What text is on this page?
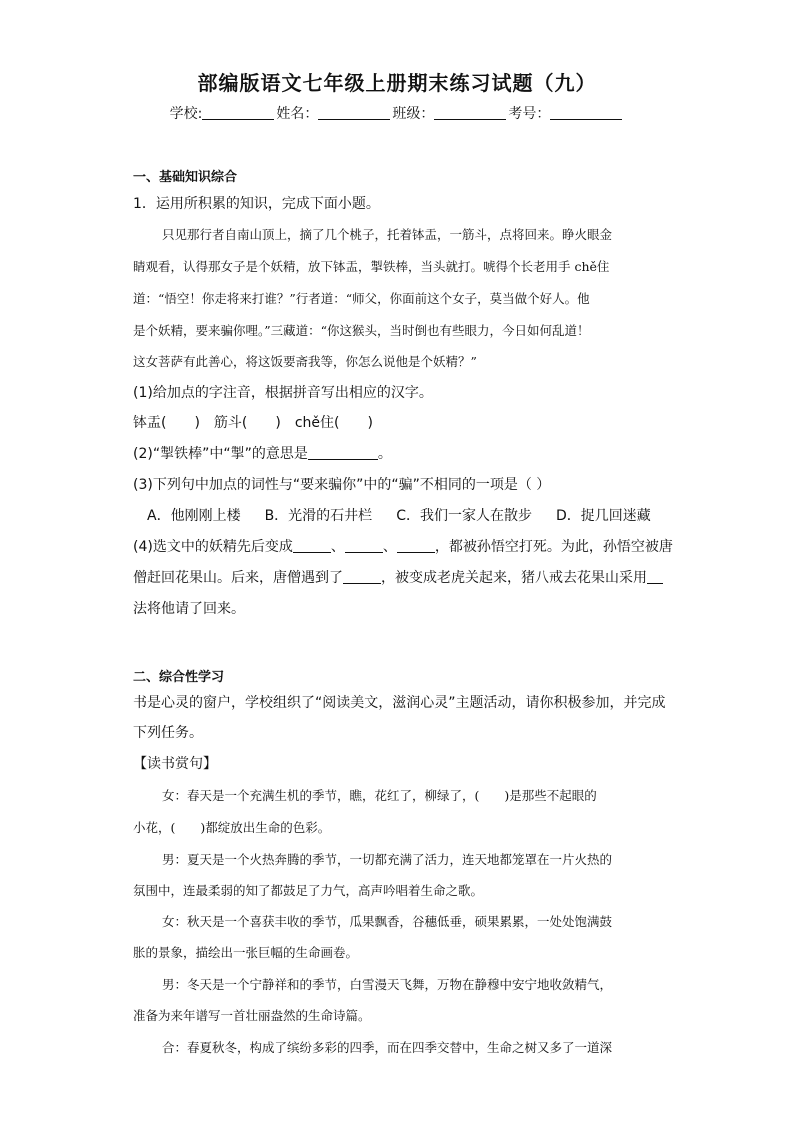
部编版语文七年级上册期末练习试题（九）
学校:	姓名：	班级：	考号：
一、基础知识综合
1．运用所积累的知识，完成下面小题。
只见那行者自南山顶上，摘了几个桃子，托着钵盂，一筋斗，点将回来。睁火眼金
睛观看，认得那女子是个妖精，放下钵盂，掣铁棒，当头就打。唬得个长老用手 chě住
道：“悟空！你走将来打谁？”行者道：“师父，你面前这个女子，莫当做个好人。他
是个妖精，要来骗你哩。”三藏道：“你这猴头，当时倒也有些眼力，今日如何乱道！
这女菩萨有此善心，将这饭要斋我等，你怎么说他是个妖精？”
(1)给加点的字注音，根据拼音写出相应的汉字。
钵盂(　　)　筋斗(　　)　chě住(　　)
(2)“掣铁棒”中“掣”的意思是	。
(3)下列句中加点的词性与“要来骗你”中的“骗”不相同的一项是（ ）
A．他刚刚上楼 B．光滑的石井栏 C．我们一家人在散步 D．捉几回迷藏
(4)选文中的妖精先后变成	、	、	，都被孙悟空打死。为此，孙悟空被唐
僧赶回花果山。后来，唐僧遇到了	，被变成老虎关起来，猪八戒去花果山采用
法将他请了回来。
二、综合性学习
书是心灵的窗户，学校组织了“阅读美文，滋润心灵”主题活动，请你积极参加，并完成
下列任务。
【读书赏句】
女：春天是一个充满生机的季节，瞧，花红了，柳绿了，(　　)是那些不起眼的
小花，(　　)都绽放出生命的色彩。
男：夏天是一个火热奔腾的季节，一切都充满了活力，连天地都笼罩在一片火热的
氛围中，连最柔弱的知了都鼓足了力气，高声吟唱着生命之歌。
女：秋天是一个喜获丰收的季节，瓜果飘香，谷穗低垂，硕果累累，一处处饱满鼓
胀的景象，描绘出一张巨幅的生命画卷。
男：冬天是一个宁静祥和的季节，白雪漫天飞舞，万物在静穆中安宁地收敛精气，
准备为来年谱写一首壮丽盎然的生命诗篇。
合：春夏秋冬，构成了缤纷多彩的四季，而在四季交替中，生命之树又多了一道深
